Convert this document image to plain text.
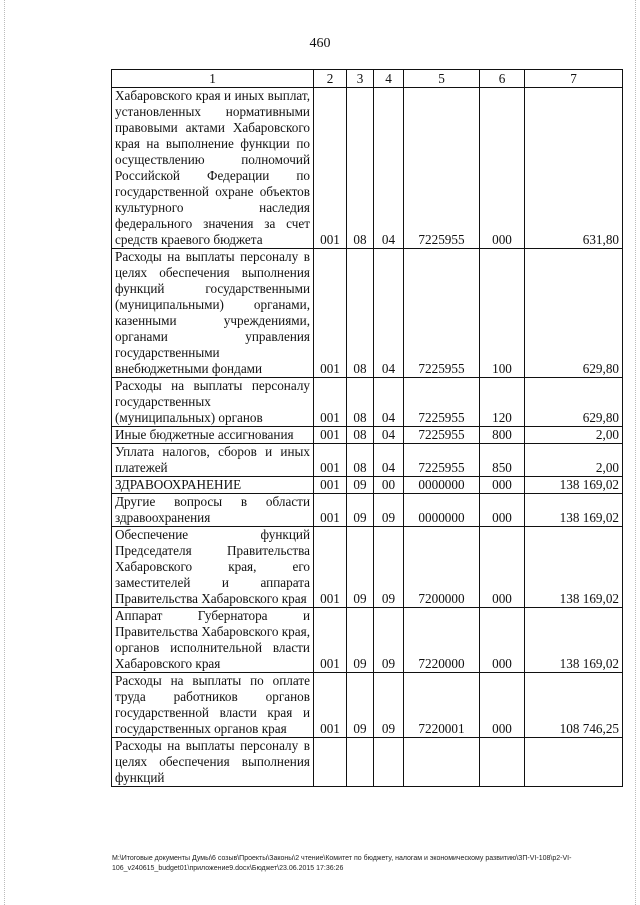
460
1	2	3	4	5	6	7

Хабаровского края и иных выплат, установленных нормативными правовыми актами Хабаровского края на выполнение функции по осуществлению полномочий Российской Федерации по государственной охране объектов культурного наследия федерального значения за счет средств краевого бюджета	001	08	04	7225955	000	631,80

Расходы на выплаты персоналу в целях обеспечения выполнения функций государственными (муниципальными) органами, казенными учреждениями, органами управления государственными внебюджетными фондами	001	08	04	7225955	100	629,80

Расходы на выплаты персоналу государственных (муниципальных) органов	001	08	04	7225955	120	629,80

Иные бюджетные ассигнования	001	08	04	7225955	800	2,00

Уплата налогов, сборов и иных платежей	001	08	04	7225955	850	2,00

ЗДРАВООХРАНЕНИЕ	001	09	00	0000000	000	138 169,02

Другие вопросы в области здравоохранения	001	09	09	0000000	000	138 169,02

Обеспечение функций Председателя Правительства Хабаровского края, его заместителей и аппарата Правительства Хабаровского края	001	09	09	7200000	000	138 169,02

Аппарат Губернатора и Правительства Хабаровского края, органов исполнительной власти Хабаровского края	001	09	09	7220000	000	138 169,02

Расходы на выплаты по оплате труда работников органов государственной власти края и государственных органов края	001	09	09	7220001	000	108 746,25

Расходы на выплаты персоналу в целях обеспечения выполнения функций						

M:\Итоговые документы Думы\6 созыв\Проекты\Законы\2 чтение\Комитет по бюджету, налогам и экономическому развитию\ЗП-VI-108\p2-VI-106_v240615_budget01\приложение9.docx\Бюджет\23.06.2015 17:36:26
